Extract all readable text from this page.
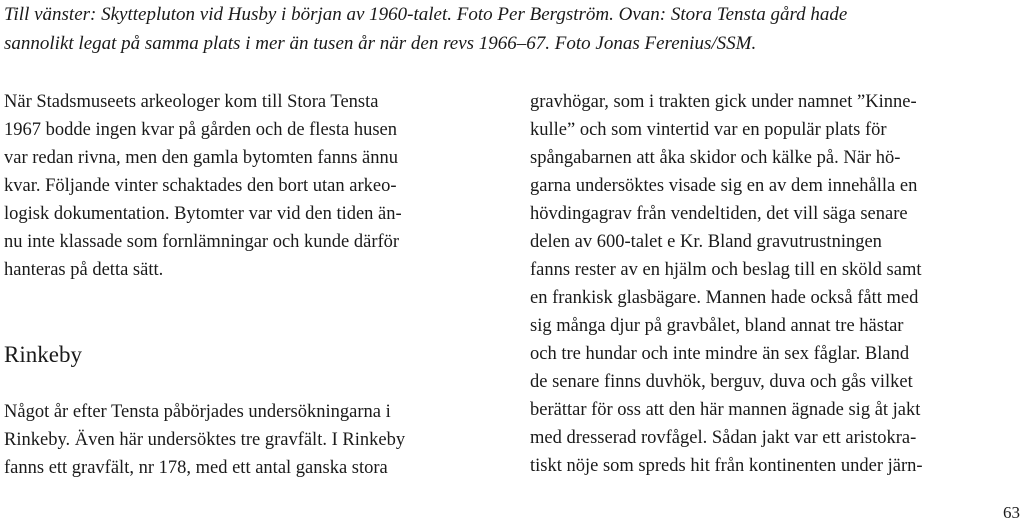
Till vänster: Skyttepluton vid Husby i början av 1960-talet. Foto Per Bergström. Ovan: Stora Tensta gård hade
sannolikt legat på samma plats i mer än tusen år när den revs 1966–67. Foto Jonas Ferenius/SSM.
När Stadsmuseets arkeologer kom till Stora Tensta
1967 bodde ingen kvar på gården och de flesta husen
var redan rivna, men den gamla bytomten fanns ännu
kvar. Följande vinter schaktades den bort utan arkeo-
logisk dokumentation. Bytomter var vid den tiden än-
nu inte klassade som fornlämningar och kunde därför
hanteras på detta sätt.
Rinkeby
Något år efter Tensta påbörjades undersökningarna i
Rinkeby. Även här undersöktes tre gravfält. I Rinkeby
fanns ett gravfält, nr 178, med ett antal ganska stora
gravhögar, som i trakten gick under namnet ”Kinne-
kulle” och som vintertid var en populär plats för
spångabarnen att åka skidor och kälke på. När hö-
garna undersöktes visade sig en av dem innehålla en
hövdingagrav från vendeltiden, det vill säga senare
delen av 600-talet e Kr. Bland gravutrustningen
fanns rester av en hjälm och beslag till en sköld samt
en frankisk glasbägare. Mannen hade också fått med
sig många djur på gravbålet, bland annat tre hästar
och tre hundar och inte mindre än sex fåglar. Bland
de senare finns duvhök, berguv, duva och gås vilket
berättar för oss att den här mannen ägnade sig åt jakt
med dresserad rovfågel. Sådan jakt var ett aristokra-
tiskt nöje som spreds hit från kontinenten under järn-
63
